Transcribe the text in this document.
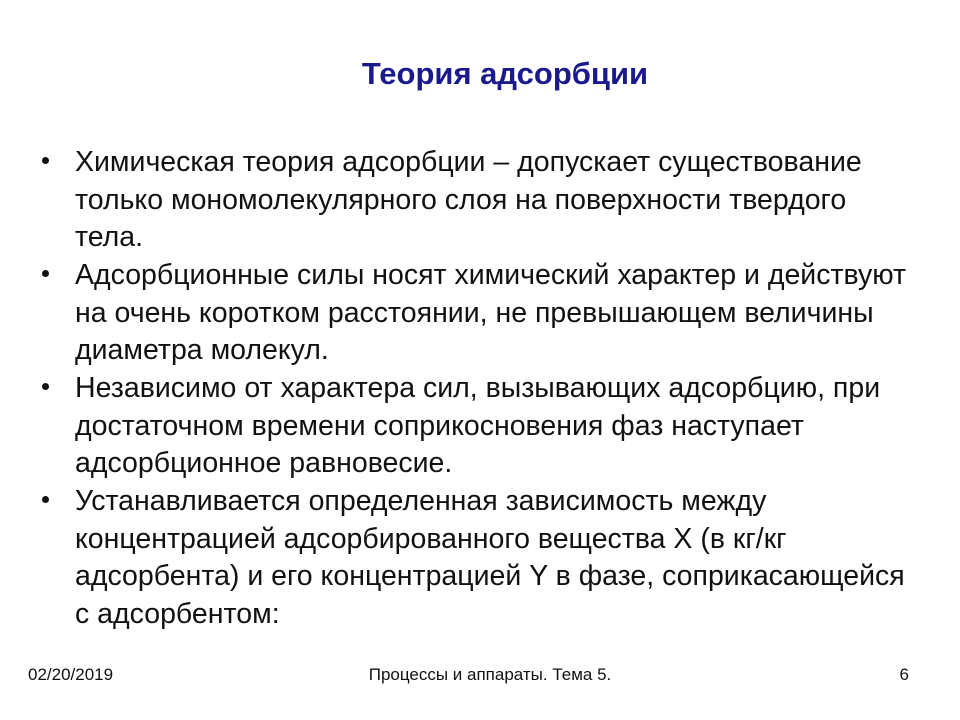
Теория адсорбции
Химическая теория адсорбции – допускает существование только мономолекулярного слоя на поверхности твердого тела.
Адсорбционные силы носят химический характер и действуют на очень коротком расстоянии, не превышающем величины диаметра молекул.
Независимо от характера сил, вызывающих адсорбцию, при достаточном времени соприкосновения фаз наступает адсорбционное равновесие.
Устанавливается определенная зависимость между концентрацией адсорбированного вещества X (в кг/кг адсорбента) и его концентрацией Y в фазе, соприкасающейся с адсорбентом:
02/20/2019	Процессы и аппараты. Тема 5.	6
